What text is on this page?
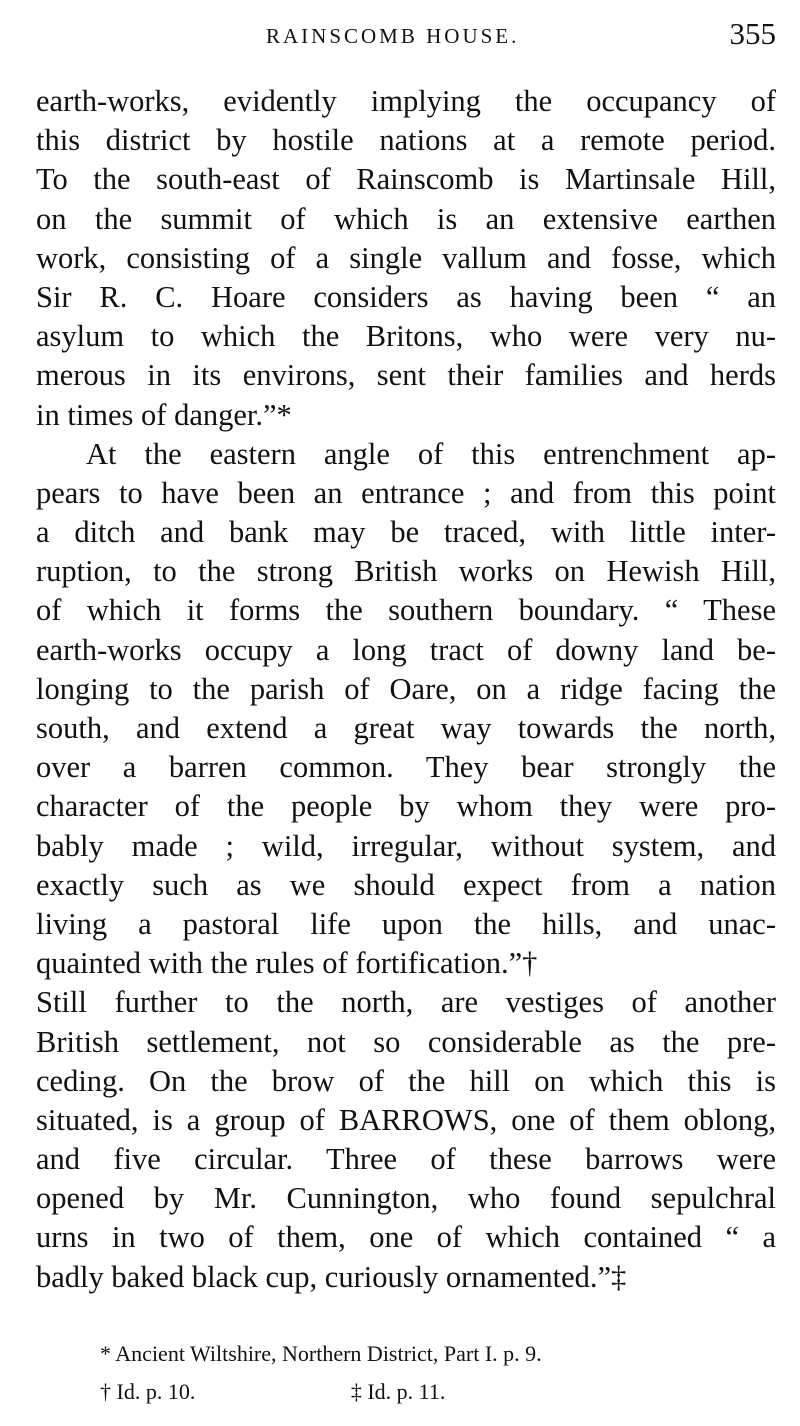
RAINSCOMB HOUSE.	355
earth-works, evidently implying the occupancy of
this district by hostile nations at a remote period.
To the south-east of Rainscomb is Martinsale Hill,
on the summit of which is an extensive earthen
work, consisting of a single vallum and fosse, which
Sir R. C. Hoare considers as having been “ an
asylum to which the Britons, who were very nu-
merous in its environs, sent their families and herds
in times of danger.”*
At the eastern angle of this entrenchment ap-
pears to have been an entrance ; and from this point
a ditch and bank may be traced, with little inter-
ruption, to the strong British works on Hewish Hill,
of which it forms the southern boundary. “ These
earth-works occupy a long tract of downy land be-
longing to the parish of Oare, on a ridge facing the
south, and extend a great way towards the north,
over a barren common. They bear strongly the
character of the people by whom they were pro-
bably made ; wild, irregular, without system, and
exactly such as we should expect from a nation
living a pastoral life upon the hills, and unac-
quainted with the rules of fortification.”†
Still further to the north, are vestiges of another
British settlement, not so considerable as the pre-
ceding. On the brow of the hill on which this is
situated, is a group of BARROWS, one of them oblong,
and five circular. Three of these barrows were
opened by Mr. Cunnington, who found sepulchral
urns in two of them, one of which contained “ a
badly baked black cup, curiously ornamented.”‡
* Ancient Wiltshire, Northern District, Part I. p. 9.
† Id. p. 10.	‡ Id. p. 11.
